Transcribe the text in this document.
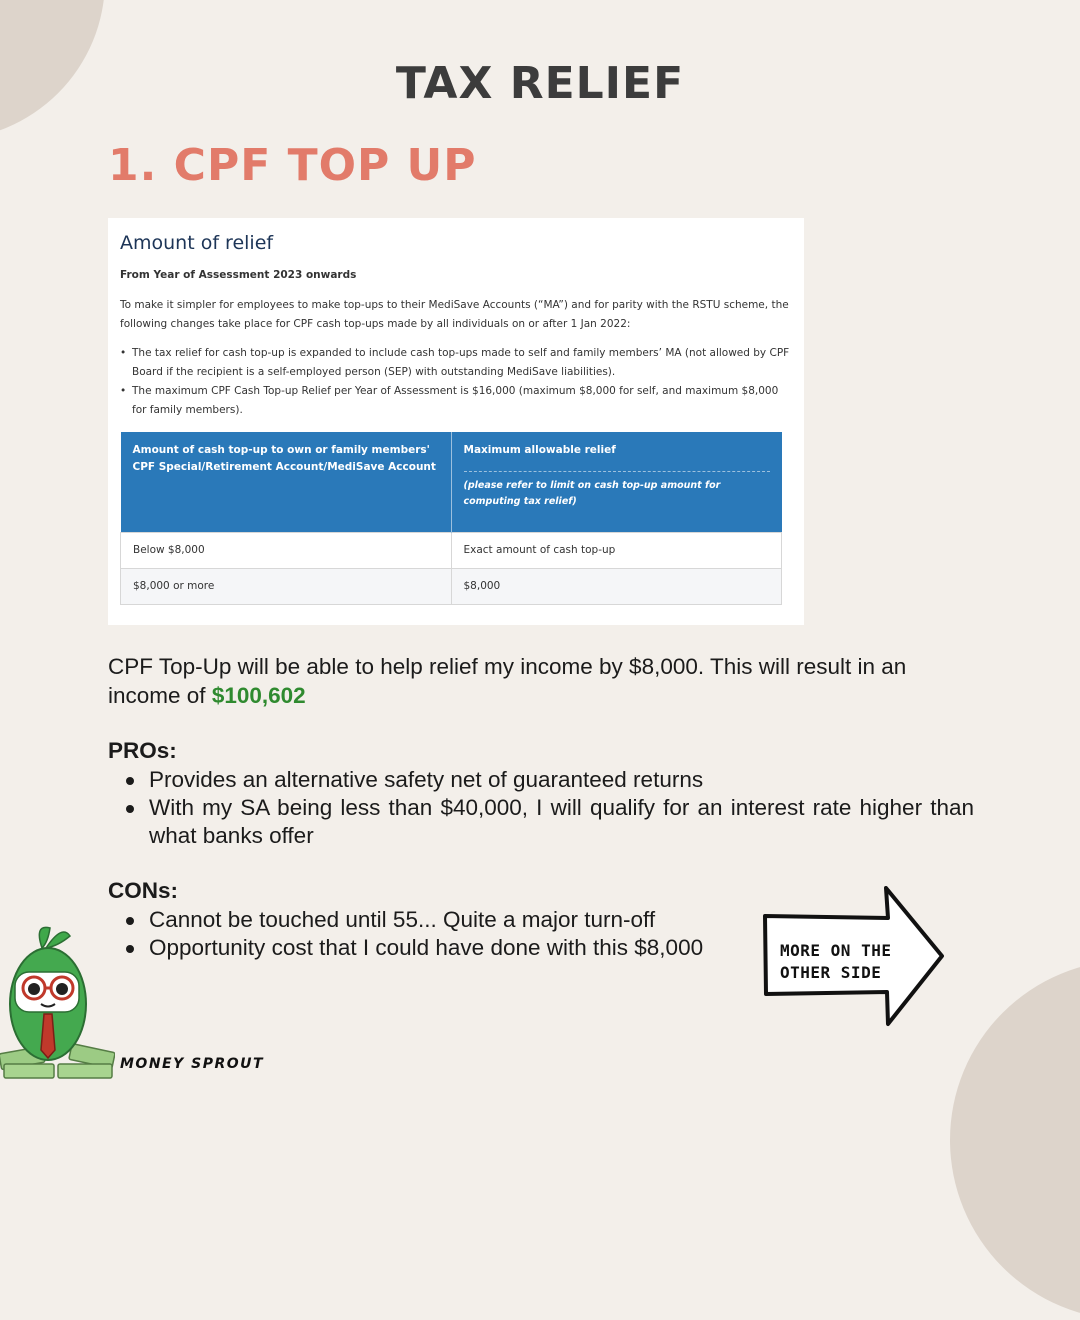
TAX RELIEF
1. CPF TOP UP
Amount of relief
From Year of Assessment 2023 onwards

To make it simpler for employees to make top-ups to their MediSave Accounts (“MA”) and for parity with the RSTU scheme, the following changes take place for CPF cash top-ups made by all individuals on or after 1 Jan 2022:

• The tax relief for cash top-up is expanded to include cash top-ups made to self and family members’ MA (not allowed by CPF Board if the recipient is a self-employed person (SEP) with outstanding MediSave liabilities).
• The maximum CPF Cash Top-up Relief per Year of Assessment is $16,000 (maximum $8,000 for self, and maximum $8,000 for family members).
Amount of cash top-up to own or family members' CPF Special/Retirement Account/MediSave Account	Maximum allowable relief
(please refer to limit on cash top-up amount for computing tax relief)

Below $8,000	Exact amount of cash top-up
$8,000 or more	$8,000
CPF Top-Up will be able to help relief my income by $8,000. This will result in an income of $100,602
PROs:
Provides an alternative safety net of guaranteed returns
With my SA being less than $40,000, I will qualify for an interest rate higher than what banks offer
CONs:
Cannot be touched until 55... Quite a major turn-off
Opportunity cost that I could have done with this $8,000	MORE ON THE
OTHER SIDE
MONEY SPROUT
